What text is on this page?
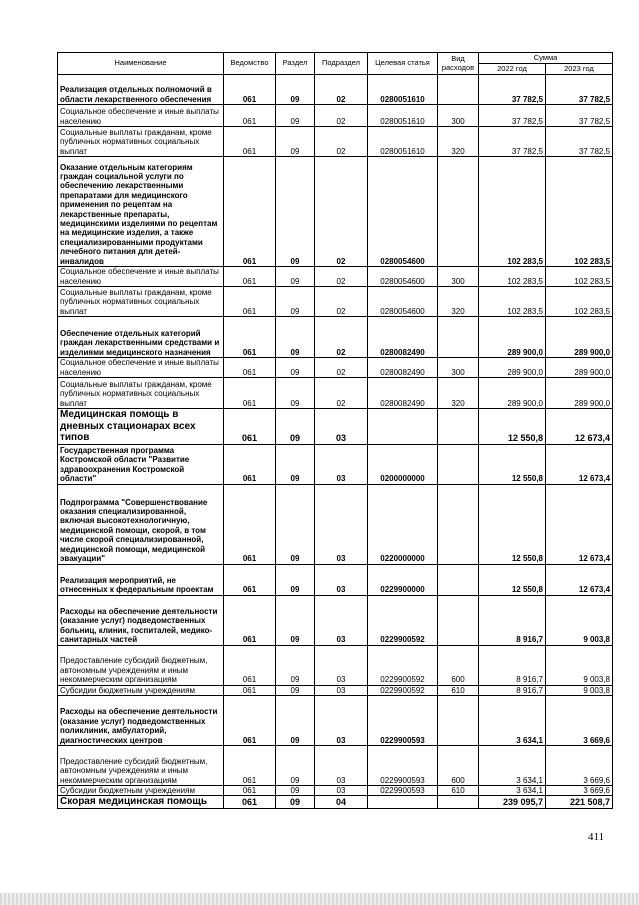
Наименование	Ведомство	Раздел	Подраздел	Целевая статья	Вид расходов	Сумма	
						2022 год	2023 год
Реализация отдельных полномочий в области лекарственного обеспечения	061	09	02	0280051610		37 782,5	37 782,5
Социальное обеспечение и иные выплаты населению	061	09	02	0280051610	300	37 782,5	37 782,5
Социальные выплаты гражданам, кроме публичных нормативных социальных выплат	061	09	02	0280051610	320	37 782,5	37 782,5
Оказание отдельным категориям граждан социальной услуги по обеспечению лекарственными препаратами для медицинского применения по рецептам на лекарственные препараты, медицинскими изделиями по рецептам на медицинские изделия, а также специализированными продуктами лечебного питания для детей-инвалидов	061	09	02	0280054600		102 283,5	102 283,5
Социальное обеспечение и иные выплаты населению	061	09	02	0280054600	300	102 283,5	102 283,5
Социальные выплаты гражданам, кроме публичных нормативных социальных выплат	061	09	02	0280054600	320	102 283,5	102 283,5
Обеспечение отдельных категорий граждан лекарственными средствами и изделиями медицинского назначения	061	09	02	0280082490		289 900,0	289 900,0
Социальное обеспечение и иные выплаты населению	061	09	02	0280082490	300	289 900,0	289 900,0
Социальные выплаты гражданам, кроме публичных нормативных социальных выплат	061	09	02	0280082490	320	289 900,0	289 900,0
Медицинская помощь в дневных стационарах всех типов	061	09	03			12 550,8	12 673,4
Государственная программа Костромской области "Развитие здравоохранения Костромской области"	061	09	03	0200000000		12 550,8	12 673,4
Подпрограмма "Совершенствование оказания специализированной, включая высокотехнологичную, медицинской помощи, скорой, в том числе скорой специализированной, медицинской помощи, медицинской эвакуации"	061	09	03	0220000000		12 550,8	12 673,4
Реализация мероприятий, не отнесенных к федеральным проектам	061	09	03	0229900000		12 550,8	12 673,4
Расходы на обеспечение деятельности (оказание услуг) подведомственных больниц, клиник, госпиталей, медико-санитарных частей	061	09	03	0229900592		8 916,7	9 003,8
Предоставление субсидий бюджетным, автономным учреждениям и иным некоммерческим организациям	061	09	03	0229900592	600	8 916,7	9 003,8
Субсидии бюджетным учреждениям	061	09	03	0229900592	610	8 916,7	9 003,8
Расходы на обеспечение деятельности (оказание услуг) подведомственных поликлиник, амбулаторий, диагностических центров	061	09	03	0229900593		3 634,1	3 669,6
Предоставление субсидий бюджетным, автономным учреждениям и иным некоммерческим организациям	061	09	03	0229900593	600	3 634,1	3 669,6
Субсидии бюджетным учреждениям	061	09	03	0229900593	610	3 634,1	3 669,6
Скорая медицинская помощь	061	09	04			239 095,7	221 508,7
411
